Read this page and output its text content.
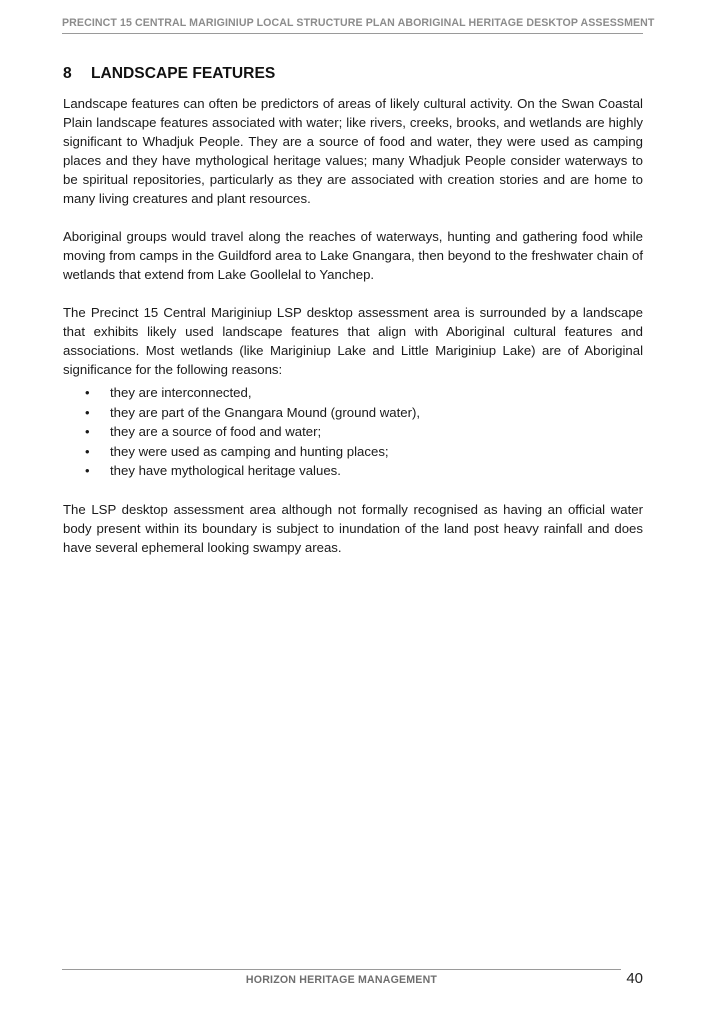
PRECINCT 15 CENTRAL MARIGINIUP LOCAL STRUCTURE PLAN ABORIGINAL HERITAGE DESKTOP ASSESSMENT
8 LANDSCAPE FEATURES

Landscape features can often be predictors of areas of likely cultural activity. On the Swan Coastal Plain landscape features associated with water; like rivers, creeks, brooks, and wetlands are highly significant to Whadjuk People. They are a source of food and water, they were used as camping places and they have mythological heritage values; many Whadjuk People consider waterways to be spiritual repositories, particularly as they are associated with creation stories and are home to many living creatures and plant resources.

Aboriginal groups would travel along the reaches of waterways, hunting and gathering food while moving from camps in the Guildford area to Lake Gnangara, then beyond to the freshwater chain of wetlands that extend from Lake Goollelal to Yanchep.

The Precinct 15 Central Mariginiup LSP desktop assessment area is surrounded by a landscape that exhibits likely used landscape features that align with Aboriginal cultural features and associations. Most wetlands (like Mariginiup Lake and Little Mariginiup Lake) are of Aboriginal significance for the following reasons:

• they are interconnected,
• they are part of the Gnangara Mound (ground water),
• they are a source of food and water;
• they were used as camping and hunting places;
• they have mythological heritage values.

The LSP desktop assessment area although not formally recognised as having an official water body present within its boundary is subject to inundation of the land post heavy rainfall and does have several ephemeral looking swampy areas.

HORIZON HERITAGE MANAGEMENT	40
